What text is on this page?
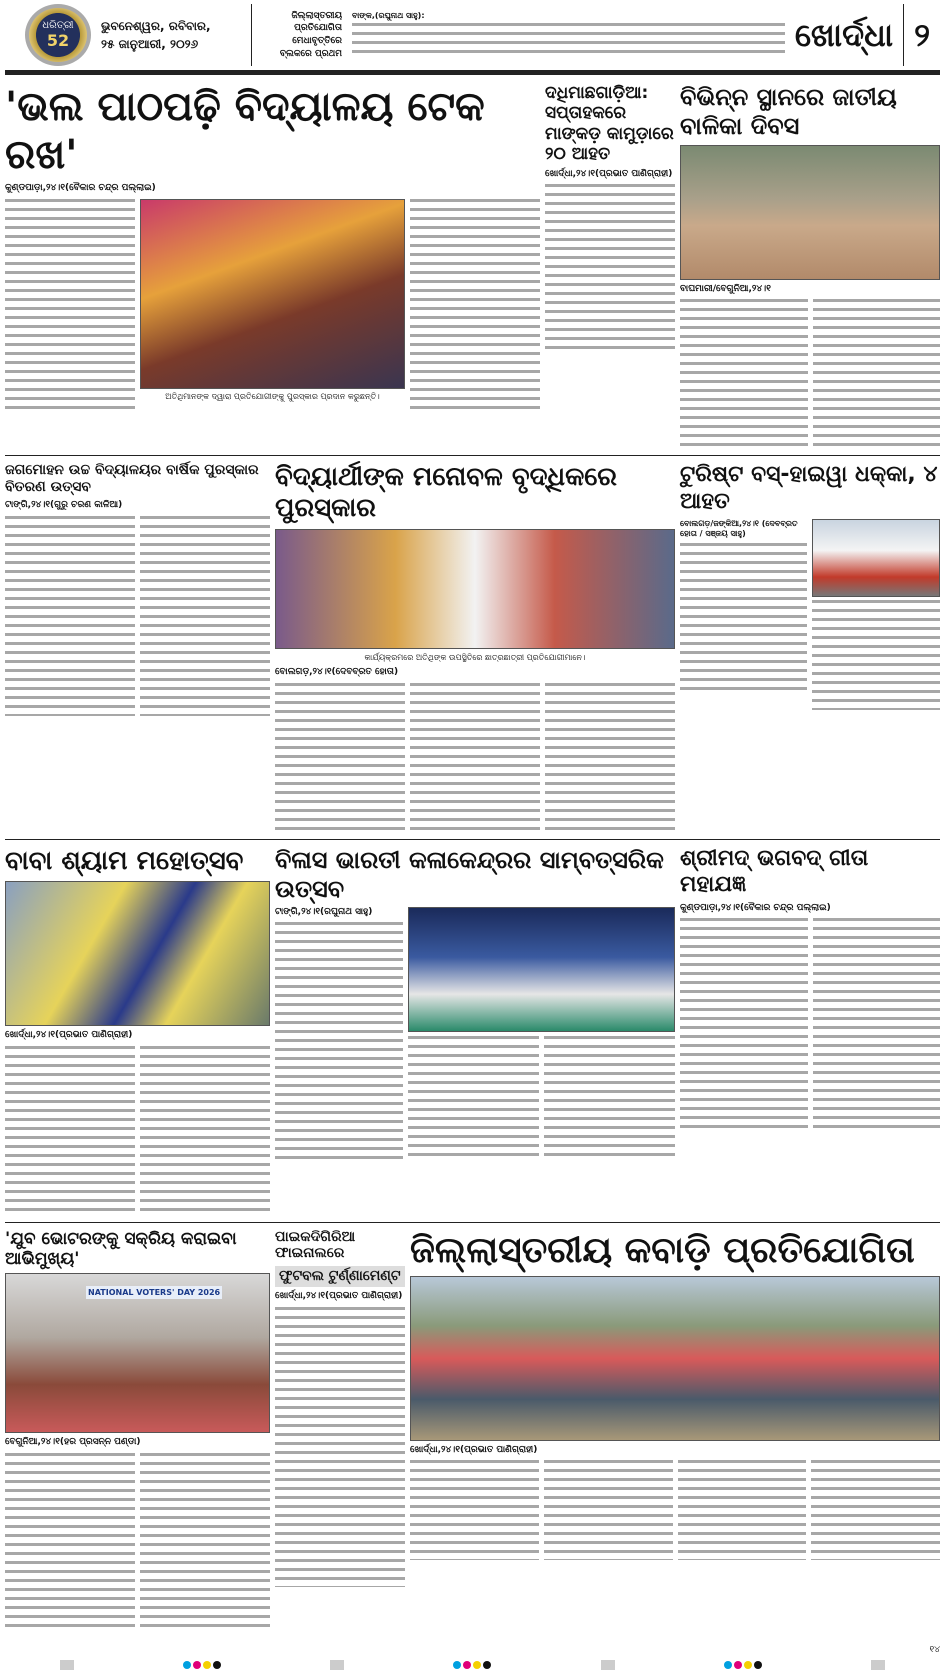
ଧରିତ୍ରୀ
52
ଭୁବନେଶ୍ୱର, ରବିବାର,
୨୫ ଜାନୁଆରୀ, ୨୦୨୬
ଜିଲ୍ଲାସ୍ତରୀୟ ପ୍ରତିଯୋଗିତା ମେଧାବୃତ୍ତିରେ ବ୍ଲକରେ ପ୍ରଥମ
ବାଙ୍କ,(ରଘୁନାଥ ସାହୁ):	ଖୋର୍ଦ୍ଧା ୨
'ଭଲ ପାଠପଢ଼ି ବିଦ୍ୟାଳୟ ଟେକ ରଖ'
କୁଣ୍ଡପାଡ଼ା,୨୪।୧(ବୈକାର ଚନ୍ଦ୍ର ପଲ୍ଲାଇ)
ଅତିଥିମାନଙ୍କ ଦ୍ୱାରା ପ୍ରତିଯୋଗୀଙ୍କୁ ପୁରସ୍କାର ପ୍ରଦାନ କରୁଛନ୍ତି।
ଦଧିମାଛଗାଡ଼ିଆ: ସପ୍ତାହକରେ ମାଙ୍କଡ଼ କାମୁଡ଼ାରେ ୨୦ ଆହତ
ଖୋର୍ଦ୍ଧା,୨୪।୧(ପ୍ରଭାତ ପାଣିଗ୍ରାହୀ)
ବିଭିନ୍ନ ସ୍ଥାନରେ ଜାତୀୟ ବାଳିକା ଦିବସ
ବାଘମାରୀ/ବେଗୁନିଆ,୨୪।୧
ଜଗମୋହନ ଉଚ୍ଚ ବିଦ୍ୟାଳୟର ବାର୍ଷିକ ପୁରସ୍କାର ବିତରଣ ଉତ୍ସବ
ଟାଙ୍ଗି,୨୪।୧(ଗୁରୁ ଚରଣ କାଳିଆ)
ବିଦ୍ୟାର୍ଥୀଙ୍କ ମନୋବଳ ବୃଦ୍ଧିକରେ ପୁରସ୍କାର
କାର୍ଯ୍ୟକ୍ରମରେ ଅତିଥିଙ୍କ ଉପସ୍ଥିତିରେ ଛାତ୍ରଛାତ୍ରୀ ପ୍ରତିଯୋଗୀମାନେ।
ବୋଲଗଡ଼,୨୪।୧(ଦେବବ୍ରତ ହୋତା)
ଟୁରିଷ୍ଟ ବସ୍-ହାଇୱା ଧକ୍କା, ୪ ଆହତ
ବୋଲଗଡ଼/ଜଙ୍କିଆ,୨୪।୧ (ଦେବବ୍ରତ ହୋତା / ସଞ୍ଜୟ ସାହୁ)
ବାବା ଶ୍ୟାମ ମହୋତ୍ସବ
ଖୋର୍ଦ୍ଧା,୨୪।୧(ପ୍ରଭାତ ପାଣିଗ୍ରାହୀ)
ବିଳାସ ଭାରତୀ କଳାକେନ୍ଦ୍ରର ସାମ୍ବତ୍ସରିକ ଉତ୍ସବ
ଟାଙ୍ଗି,୨୪।୧(ରଘୁନାଥ ସାହୁ)
ଶ୍ରୀମଦ୍ ଭଗବଦ୍ ଗୀତା ମହାଯଜ୍ଞ
କୁଣ୍ଡପାଡ଼ା,୨୪।୧(ବୈକାର ଚନ୍ଦ୍ର ପଲ୍ଲାଇ)
'ଯୁବ ଭୋଟରଙ୍କୁ ସକ୍ରିୟ କରାଇବା ଆଭିମୁଖ୍ୟ'
NATIONAL VOTERS' DAY 2026
ବେଗୁନିଆ,୨୪।୧(ହର ପ୍ରସନ୍ନ ପଣ୍ଡା)
ପାଇକଦିଗିରିଆ ଫାଇନାଲରେ
ଫୁଟବଲ ଟୁର୍ଣ୍ଣାମେଣ୍ଟ
ଖୋର୍ଦ୍ଧା,୨୪।୧(ପ୍ରଭାତ ପାଣିଗ୍ରାହୀ)
ଜିଲ୍ଲାସ୍ତରୀୟ କବାଡ଼ି ପ୍ରତିଯୋଗିତା
ଖୋର୍ଦ୍ଧା,୨୪।୧(ପ୍ରଭାତ ପାଣିଗ୍ରାହୀ)
୧୪
